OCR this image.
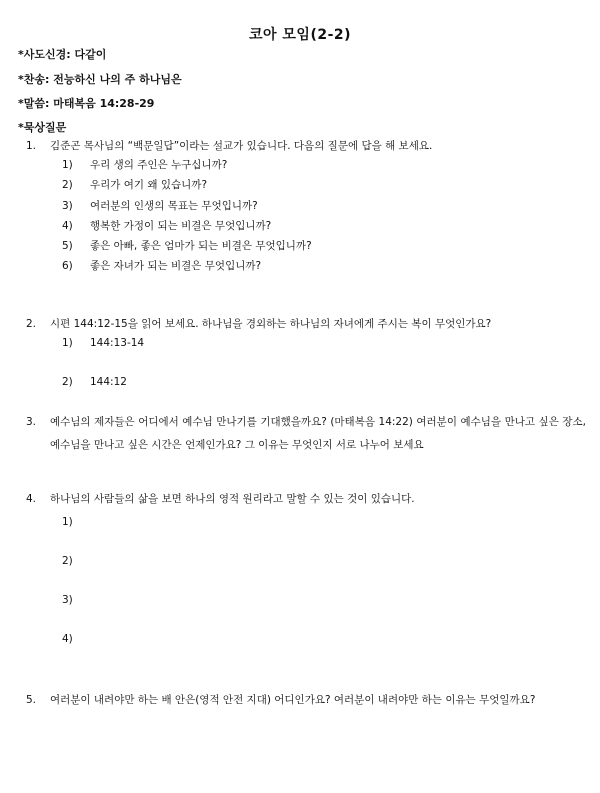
코아 모임(2-2)
*사도신경: 다같이
*찬송: 전능하신 나의 주 하나님은
*말씀: 마태복음 14:28-29
*묵상질문
1. 김준곤 목사님의 “백문일답”이라는 설교가 있습니다. 다음의 질문에 답을 해 보세요.
1) 우리 생의 주인은 누구십니까?
2) 우리가 여기 왜 있습니까?
3) 여러분의 인생의 목표는 무엇입니까?
4) 행복한 가정이 되는 비결은 무엇입니까?
5) 좋은 아빠, 좋은 엄마가 되는 비결은 무엇입니까?
6) 좋은 자녀가 되는 비결은 무엇입니까?
2. 시편 144:12-15을 읽어 보세요. 하나님을 경외하는 하나님의 자녀에게 주시는 복이 무엇인가요?
1) 144:13-14
2) 144:12
3. 예수님의 제자들은 어디에서 예수님 만나기를 기대했을까요? (마태복음 14:22) 여러분이 예수님을 만나고 싶은 장소, 예수님을 만나고 싶은 시간은 언제인가요? 그 이유는 무엇인지 서로 나누어 보세요
4. 하나님의 사람들의 삶을 보면 하나의 영적 원리라고 말할 수 있는 것이 있습니다.
1)
2)
3)
4)
5. 여러분이 내려야만 하는 배 안은(영적 안전 지대) 어디인가요? 여러분이 내려야만 하는 이유는 무엇일까요?
